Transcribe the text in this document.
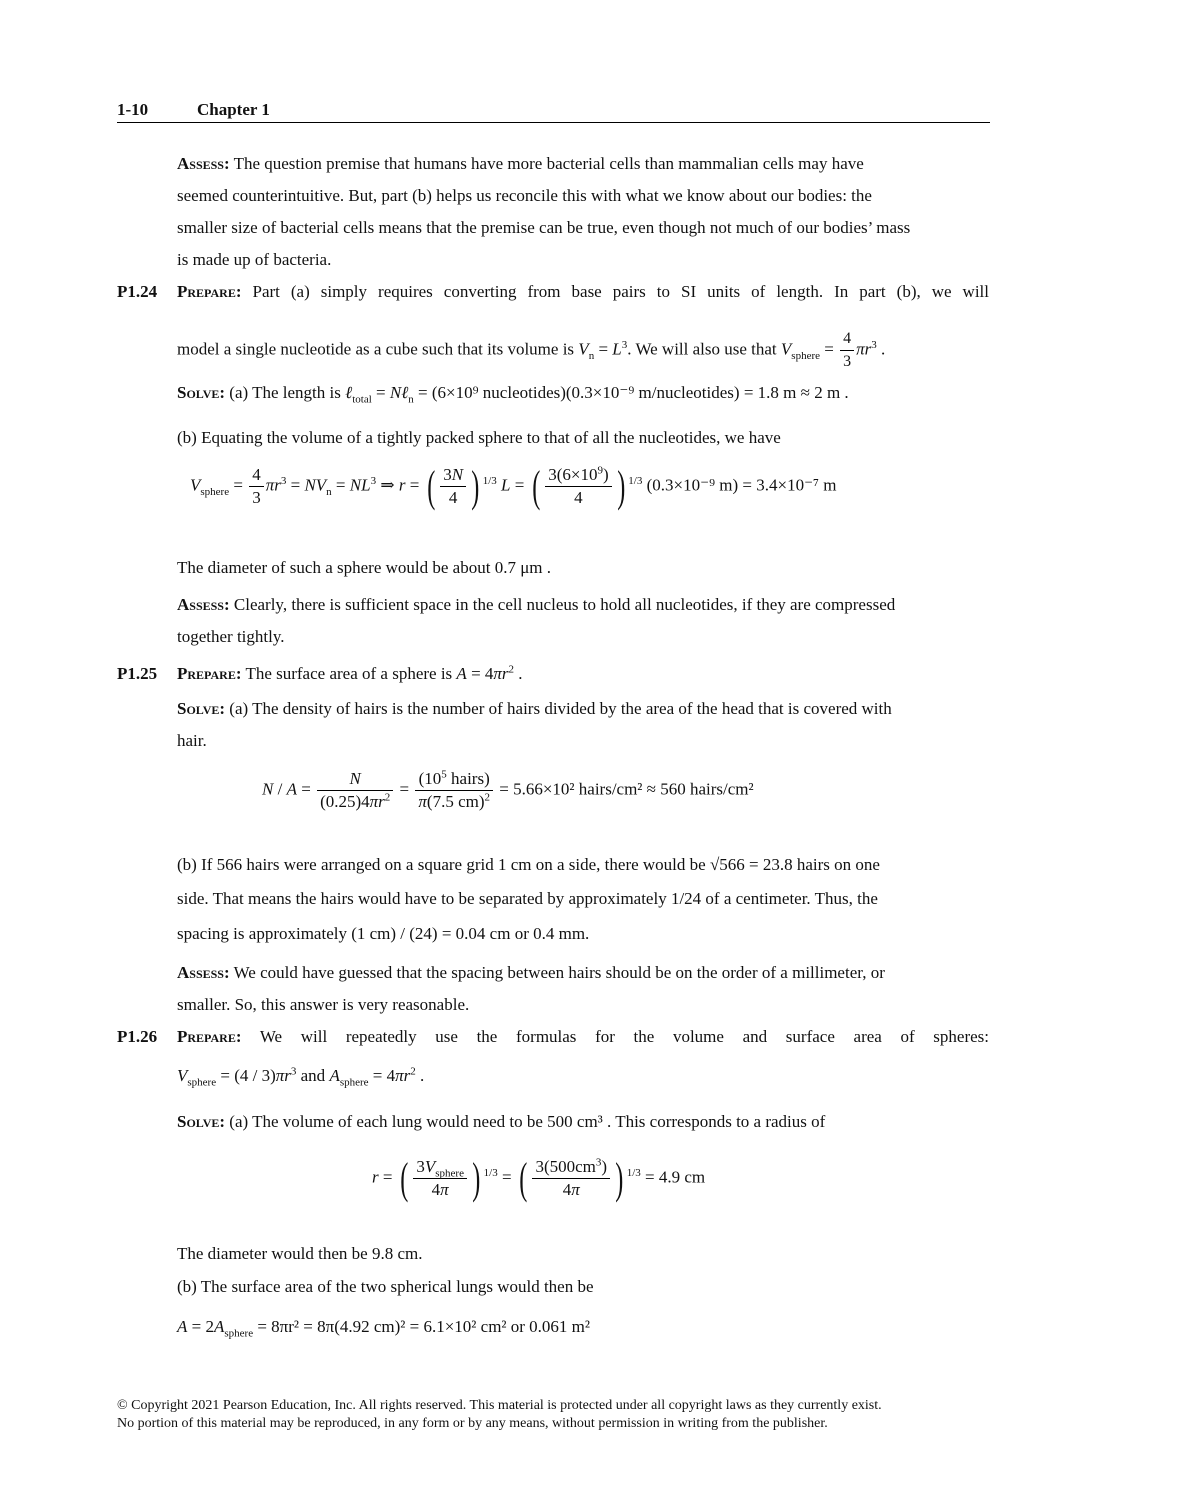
1-10	Chapter 1
Assess: The question premise that humans have more bacterial cells than mammalian cells may have
seemed counterintuitive. But, part (b) helps us reconcile this with what we know about our bodies: the
smaller size of bacterial cells means that the premise can be true, even though not much of our bodies’ mass
is made up of bacteria.
P1.24 Prepare: Part (a) simply requires converting from base pairs to SI units of length. In part (b), we will
model a single nucleotide as a cube such that its volume is $V_n = L^3$. We will also use that $V_{sphere} = \frac{4}{3} \pi r^3$ .
Solve: (a) The length is ℓ$_{total}$ = Nℓ$_n$ = (6×10⁹ nucleotides)(0.3×10⁻⁹ m/nucleotides) = 1.8 m ≈ 2 m .
(b) Equating the volume of a tightly packed sphere to that of all the nucleotides, we have
$V_{sphere} = \frac{4}{3} \pi r^3 = NV_n = NL^3$ ⇒ r = ( $\frac{3N}{4}$ ) $^{1/3}$ L = ( $\frac{3(6\times 10^9)}{4}$ ) $^{1/3}$ (0.3×10⁻⁹ m) = 3.4×10⁻⁷ m
The diameter of such a sphere would be about 0.7 μm .
Assess: Clearly, there is sufficient space in the cell nucleus to hold all nucleotides, if they are compressed
together tightly.
P1.25 Prepare: The surface area of a sphere is $A = 4\pi r^2$ .
Solve: (a) The density of hairs is the number of hairs divided by the area of the head that is covered with
hair.
$N / A = \frac{N}{(0.25)4\pi r^2} = \frac{(10^5 hairs)}{\pi(7.5 cm)^2} = 5.66\times 10^2$ hairs/cm² ≈ 560 hairs/cm²
(b) If 566 hairs were arranged on a square grid 1 cm on a side, there would be √566 = 23.8 hairs on one
side. That means the hairs would have to be separated by approximately 1/24 of a centimeter. Thus, the
spacing is approximately (1 cm) / (24) = 0.04 cm or 0.4 mm.
Assess: We could have guessed that the spacing between hairs should be on the order of a millimeter, or
smaller. So, this answer is very reasonable.
P1.26 Prepare: We will repeatedly use the formulas for the volume and surface area of spheres:
$V_{sphere} = (4 / 3)\pi r^3$ and $A_{sphere} = 4\pi r^2$ .
Solve: (a) The volume of each lung would need to be 500 cm³ . This corresponds to a radius of
r = ( $\frac{3V_{sphere}}{4\pi}$ ) $^{1/3}$ = ( $\frac{3(500cm^3)}{4\pi}$ ) $^{1/3}$ = 4.9 cm
The diameter would then be 9.8 cm.
(b) The surface area of the two spherical lungs would then be
$A = 2A_{sphere} = 8\pi r^2 = 8\pi(4.92$ cm)² = 6.1×10² cm² or 0.061 m²
© Copyright 2021 Pearson Education, Inc. All rights reserved. This material is protected under all copyright laws as they currently exist.
No portion of this material may be reproduced, in any form or by any means, without permission in writing from the publisher.
